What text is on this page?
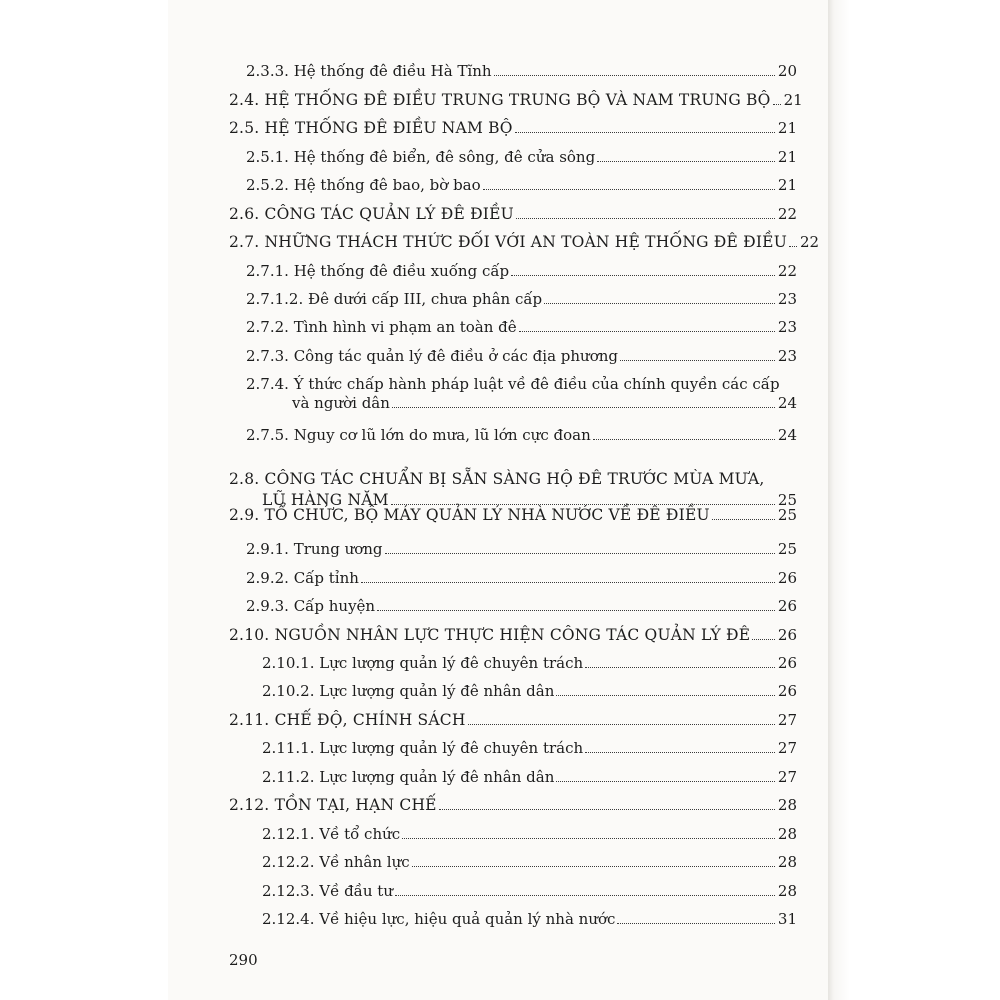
2.3.3. Hệ thống đê điều Hà Tĩnh	20
2.4. HỆ THỐNG ĐÊ ĐIỀU TRUNG TRUNG BỘ VÀ NAM TRUNG BỘ 21
2.5. HỆ THỐNG ĐÊ ĐIỀU NAM BỘ	21
2.5.1. Hệ thống đê biển, đê sông, đê cửa sông	21
2.5.2. Hệ thống đê bao, bờ bao	21
2.6. CÔNG TÁC QUẢN LÝ ĐÊ ĐIỀU	22
2.7. NHỮNG THÁCH THỨC ĐỐI VỚI AN TOÀN HỆ THỐNG ĐÊ ĐIỀU 22
2.7.1. Hệ thống đê điều xuống cấp	22
2.7.1.2. Đê dưới cấp III, chưa phân cấp	23
2.7.2. Tình hình vi phạm an toàn đê	23
2.7.3. Công tác quản lý đê điều ở các địa phương	23
2.7.4. Ý thức chấp hành pháp luật về đê điều của chính quyền các cấp
và người dân	24
2.7.5. Nguy cơ lũ lớn do mưa, lũ lớn cực đoan	24
2.8. CÔNG TÁC CHUẨN BỊ SẴN SÀNG HỘ ĐÊ TRƯỚC MÙA MƯA,
LŨ HÀNG NĂM	25
2.9. TỔ CHỨC, BỘ MÁY QUẢN LÝ NHÀ NƯỚC VỀ ĐÊ ĐIỀU	25
2.9.1. Trung ương	25
2.9.2. Cấp tỉnh	26
2.9.3. Cấp huyện	26
2.10. NGUỒN NHÂN LỰC THỰC HIỆN CÔNG TÁC QUẢN LÝ ĐÊ 26
2.10.1. Lực lượng quản lý đê chuyên trách	26
2.10.2. Lực lượng quản lý đê nhân dân	26
2.11. CHẾ ĐỘ, CHÍNH SÁCH	27
2.11.1. Lực lượng quản lý đê chuyên trách	27
2.11.2. Lực lượng quản lý đê nhân dân	27
2.12. TỒN TẠI, HẠN CHẾ	28
2.12.1. Về tổ chức	28
2.12.2. Về nhân lực	28
2.12.3. Về đầu tư	28
2.12.4. Về hiệu lực, hiệu quả quản lý nhà nước	31
290
